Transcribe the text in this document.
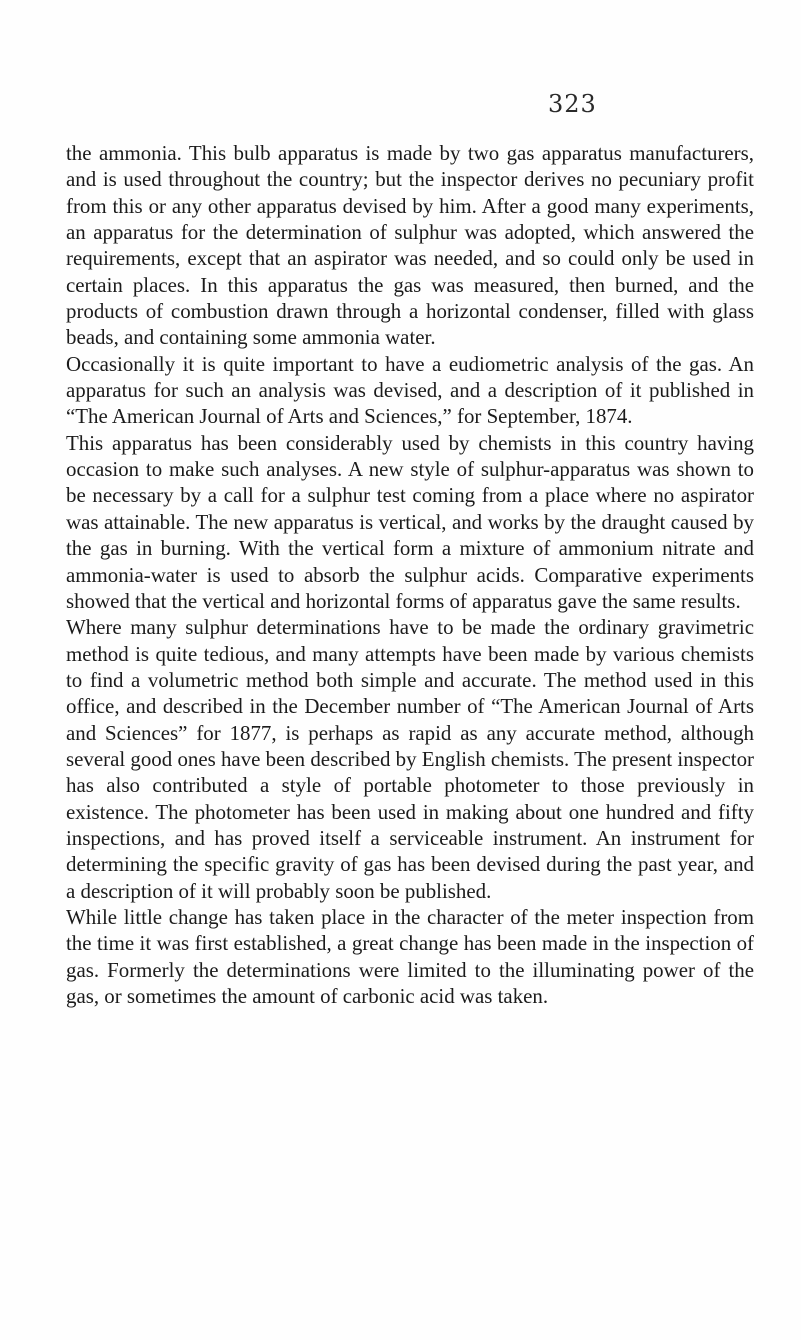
323

the ammonia. This bulb apparatus is made by two gas apparatus manufacturers, and is used throughout the country; but the inspector derives no pecuniary profit from this or any other apparatus devised by him. After a good many experiments, an apparatus for the determination of sulphur was adopted, which answered the requirements, except that an aspirator was needed, and so could only be used in certain places. In this apparatus the gas was measured, then burned, and the products of combustion drawn through a horizontal condenser, filled with glass beads, and containing some ammonia water.

Occasionally it is quite important to have a eudiometric analysis of the gas. An apparatus for such an analysis was devised, and a description of it published in “The American Journal of Arts and Sciences,” for September, 1874.

This apparatus has been considerably used by chemists in this country having occasion to make such analyses. A new style of sulphur-apparatus was shown to be necessary by a call for a sulphur test coming from a place where no aspirator was attainable. The new apparatus is vertical, and works by the draught caused by the gas in burning. With the vertical form a mixture of ammonium nitrate and ammonia-water is used to absorb the sulphur acids. Comparative experiments showed that the vertical and horizontal forms of apparatus gave the same results.

Where many sulphur determinations have to be made the ordinary gravimetric method is quite tedious, and many attempts have been made by various chemists to find a volumetric method both simple and accurate. The method used in this office, and described in the December number of “The American Journal of Arts and Sciences” for 1877, is perhaps as rapid as any accurate method, although several good ones have been described by English chemists. The present inspector has also contributed a style of portable photometer to those previously in existence. The photometer has been used in making about one hundred and fifty inspections, and has proved itself a serviceable instrument. An instrument for determining the specific gravity of gas has been devised during the past year, and a description of it will probably soon be published.

While little change has taken place in the character of the meter inspection from the time it was first established, a great change has been made in the inspection of gas. Formerly the determinations were limited to the illuminating power of the gas, or sometimes the amount of carbonic acid was taken.
